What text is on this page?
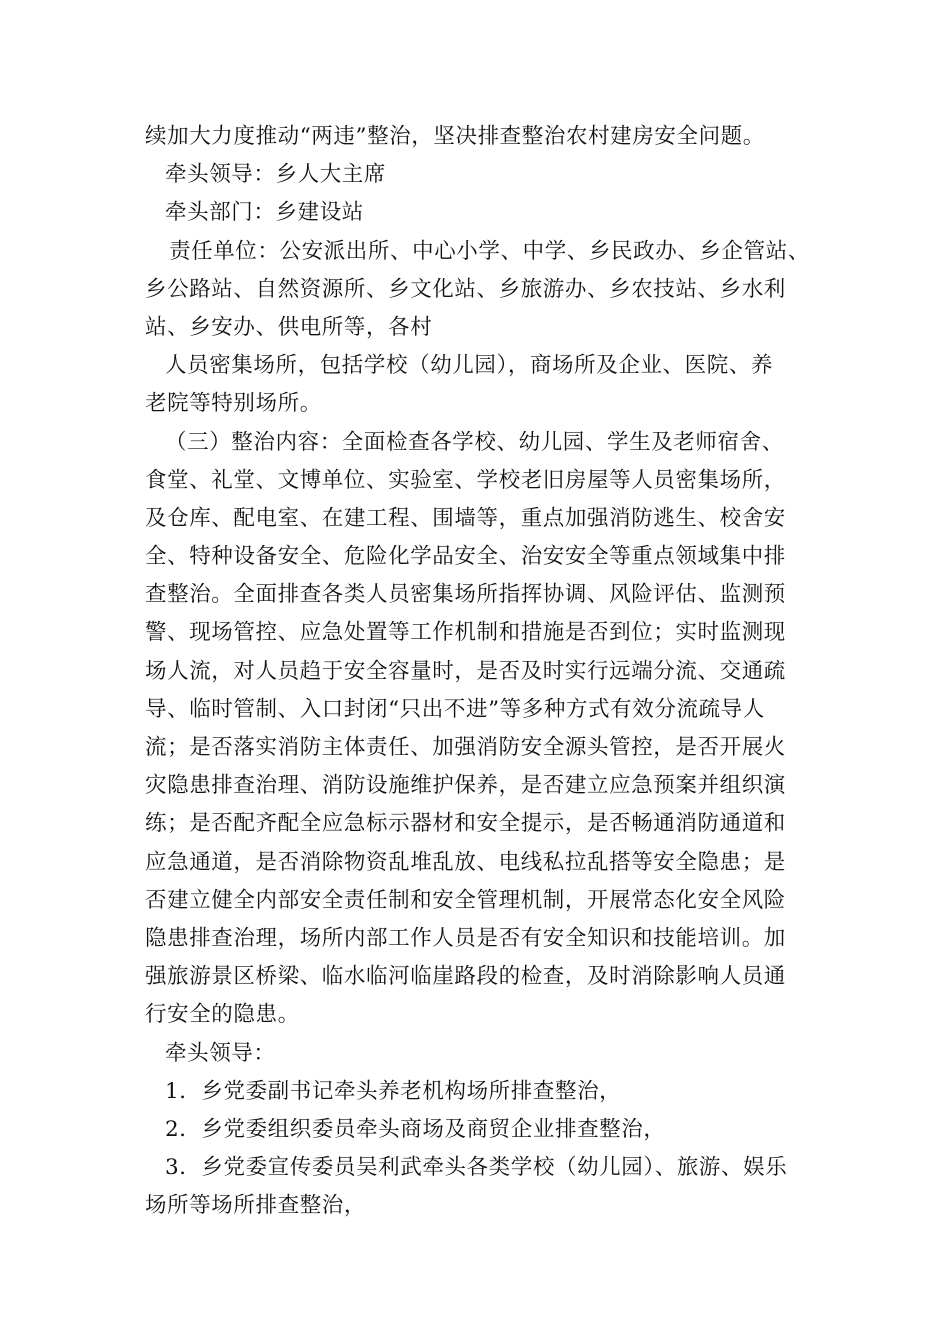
续加大力度推动“两违”整治，坚决排查整治农村建房安全问题。
牵头领导：乡人大主席
牵头部门：乡建设站
责任单位：公安派出所、中心小学、中学、乡民政办、乡企管站、
乡公路站、自然资源所、乡文化站、乡旅游办、乡农技站、乡水利
站、乡安办、供电所等，各村
人员密集场所，包括学校（幼儿园），商场所及企业、医院、养
老院等特别场所。
（三）整治内容：全面检查各学校、幼儿园、学生及老师宿舍、
食堂、礼堂、文博单位、实验室、学校老旧房屋等人员密集场所，
及仓库、配电室、在建工程、围墙等，重点加强消防逃生、校舍安
全、特种设备安全、危险化学品安全、治安安全等重点领域集中排
查整治。全面排查各类人员密集场所指挥协调、风险评估、监测预
警、现场管控、应急处置等工作机制和措施是否到位；实时监测现
场人流，对人员趋于安全容量时，是否及时实行远端分流、交通疏
导、临时管制、入口封闭“只出不进”等多种方式有效分流疏导人
流；是否落实消防主体责任、加强消防安全源头管控，是否开展火
灾隐患排查治理、消防设施维护保养，是否建立应急预案并组织演
练；是否配齐配全应急标示器材和安全提示，是否畅通消防通道和
应急通道，是否消除物资乱堆乱放、电线私拉乱搭等安全隐患；是
否建立健全内部安全责任制和安全管理机制，开展常态化安全风险
隐患排查治理，场所内部工作人员是否有安全知识和技能培训。加
强旅游景区桥梁、临水临河临崖路段的检查，及时消除影响人员通
行安全的隐患。
牵头领导：
1．乡党委副书记牵头养老机构场所排查整治，
2．乡党委组织委员牵头商场及商贸企业排查整治，
3．乡党委宣传委员吴利武牵头各类学校（幼儿园）、旅游、娱乐
场所等场所排查整治，
